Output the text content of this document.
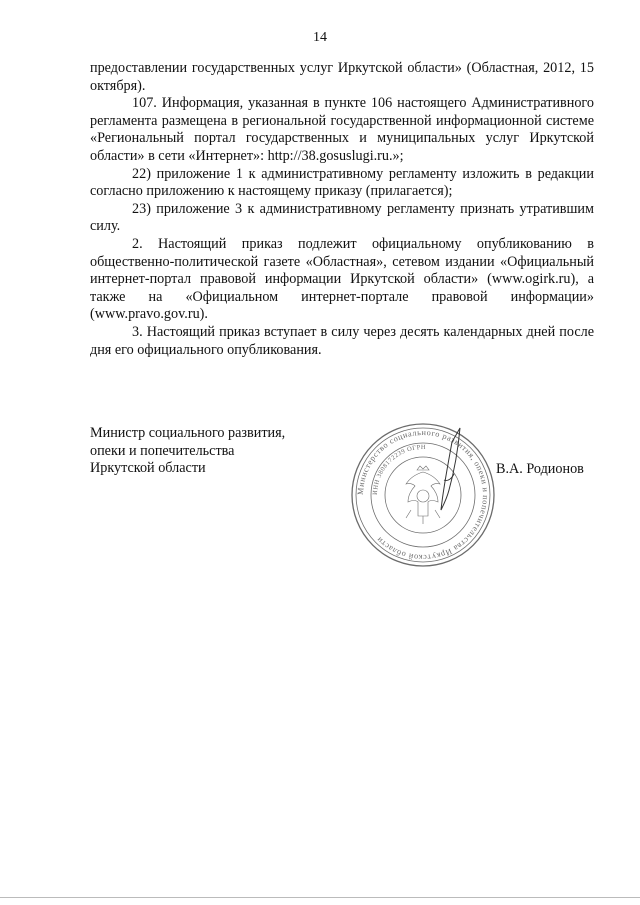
14

предоставлении государственных услуг Иркутской области» (Областная, 2012, 15 октября).

107. Информация, указанная в пункте 106 настоящего Административного регламента размещена в региональной государственной информационной системе «Региональный портал государственных и муниципальных услуг Иркутской области» в сети «Интернет»: http://38.gosuslugi.ru.»;

22) приложение 1 к административному регламенту изложить в редакции согласно приложению к настоящему приказу (прилагается);

23) приложение 3 к административному регламенту признать утратившим силу.

2. Настоящий приказ подлежит официальному опубликованию в общественно-политической газете «Областная», сетевом издании «Официальный интернет-портал правовой информации Иркутской области» (www.ogirk.ru), а также на «Официальном интернет-портале правовой информации» (www.pravo.gov.ru).

3. Настоящий приказ вступает в силу через десять календарных дней после дня его официального опубликования.

Министр социального развития,
опеки и попечительства
Иркутской области
Министерство социального развития, опеки и попечительства Иркутской области
ИНН 3808172239 ОГРН
В.А. Родионов
